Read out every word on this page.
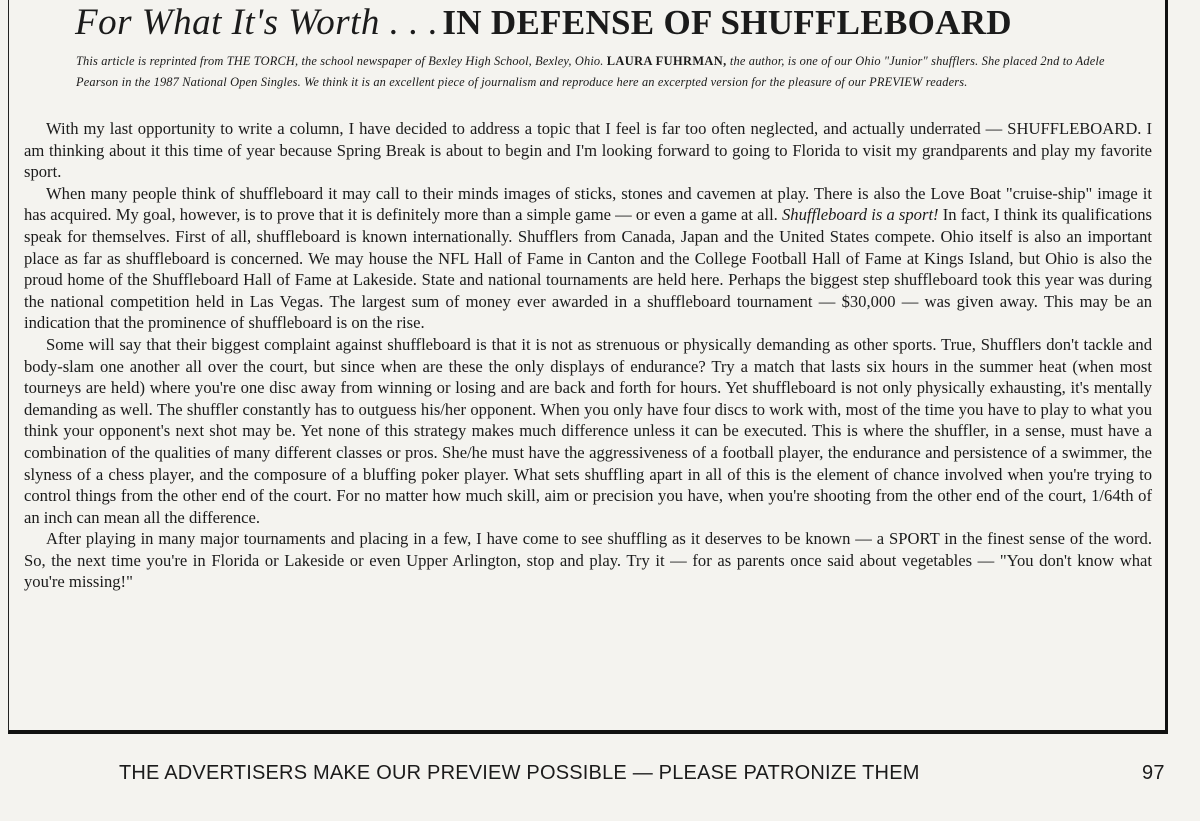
For What It's Worth . . . IN DEFENSE OF SHUFFLEBOARD
This article is reprinted from THE TORCH, the school newspaper of Bexley High School, Bexley, Ohio. LAURA FUHRMAN, the author, is one of our Ohio "Junior" shufflers. She placed 2nd to Adele Pearson in the 1987 National Open Singles. We think it is an excellent piece of journalism and reproduce here an excerpted version for the pleasure of our PREVIEW readers.

With my last opportunity to write a column, I have decided to address a topic that I feel is far too often neglected, and actually underrated — SHUFFLEBOARD. I am thinking about it this time of year because Spring Break is about to begin and I'm looking forward to going to Florida to visit my grandparents and play my favorite sport.

When many people think of shuffleboard it may call to their minds images of sticks, stones and cavemen at play. There is also the Love Boat "cruise-ship" image it has acquired. My goal, however, is to prove that it is definitely more than a simple game — or even a game at all. Shuffleboard is a sport! In fact, I think its qualifications speak for themselves. First of all, shuffleboard is known internationally. Shufflers from Canada, Japan and the United States compete. Ohio itself is also an important place as far as shuffleboard is concerned. We may house the NFL Hall of Fame in Canton and the College Football Hall of Fame at Kings Island, but Ohio is also the proud home of the Shuffleboard Hall of Fame at Lakeside. State and national tournaments are held here. Perhaps the biggest step shuffleboard took this year was during the national competition held in Las Vegas. The largest sum of money ever awarded in a shuffleboard tournament — $30,000 — was given away. This may be an indication that the prominence of shuffleboard is on the rise.

Some will say that their biggest complaint against shuffleboard is that it is not as strenuous or physically demanding as other sports. True, Shufflers don't tackle and body-slam one another all over the court, but since when are these the only displays of endurance? Try a match that lasts six hours in the summer heat (when most tourneys are held) where you're one disc away from winning or losing and are back and forth for hours. Yet shuffleboard is not only physically exhausting, it's mentally demanding as well. The shuffler constantly has to outguess his/her opponent. When you only have four discs to work with, most of the time you have to play to what you think your opponent's next shot may be. Yet none of this strategy makes much difference unless it can be executed. This is where the shuffler, in a sense, must have a combination of the qualities of many different classes or pros. She/he must have the aggressiveness of a football player, the endurance and persistence of a swimmer, the slyness of a chess player, and the composure of a bluffing poker player. What sets shuffling apart in all of this is the element of chance involved when you're trying to control things from the other end of the court. For no matter how much skill, aim or precision you have, when you're shooting from the other end of the court, 1/64th of an inch can mean all the difference.

After playing in many major tournaments and placing in a few, I have come to see shuffling as it deserves to be known — a SPORT in the finest sense of the word. So, the next time you're in Florida or Lakeside or even Upper Arlington, stop and play. Try it — for as parents once said about vegetables — "You don't know what you're missing!"

THE ADVERTISERS MAKE OUR PREVIEW POSSIBLE — PLEASE PATRONIZE THEM	97
